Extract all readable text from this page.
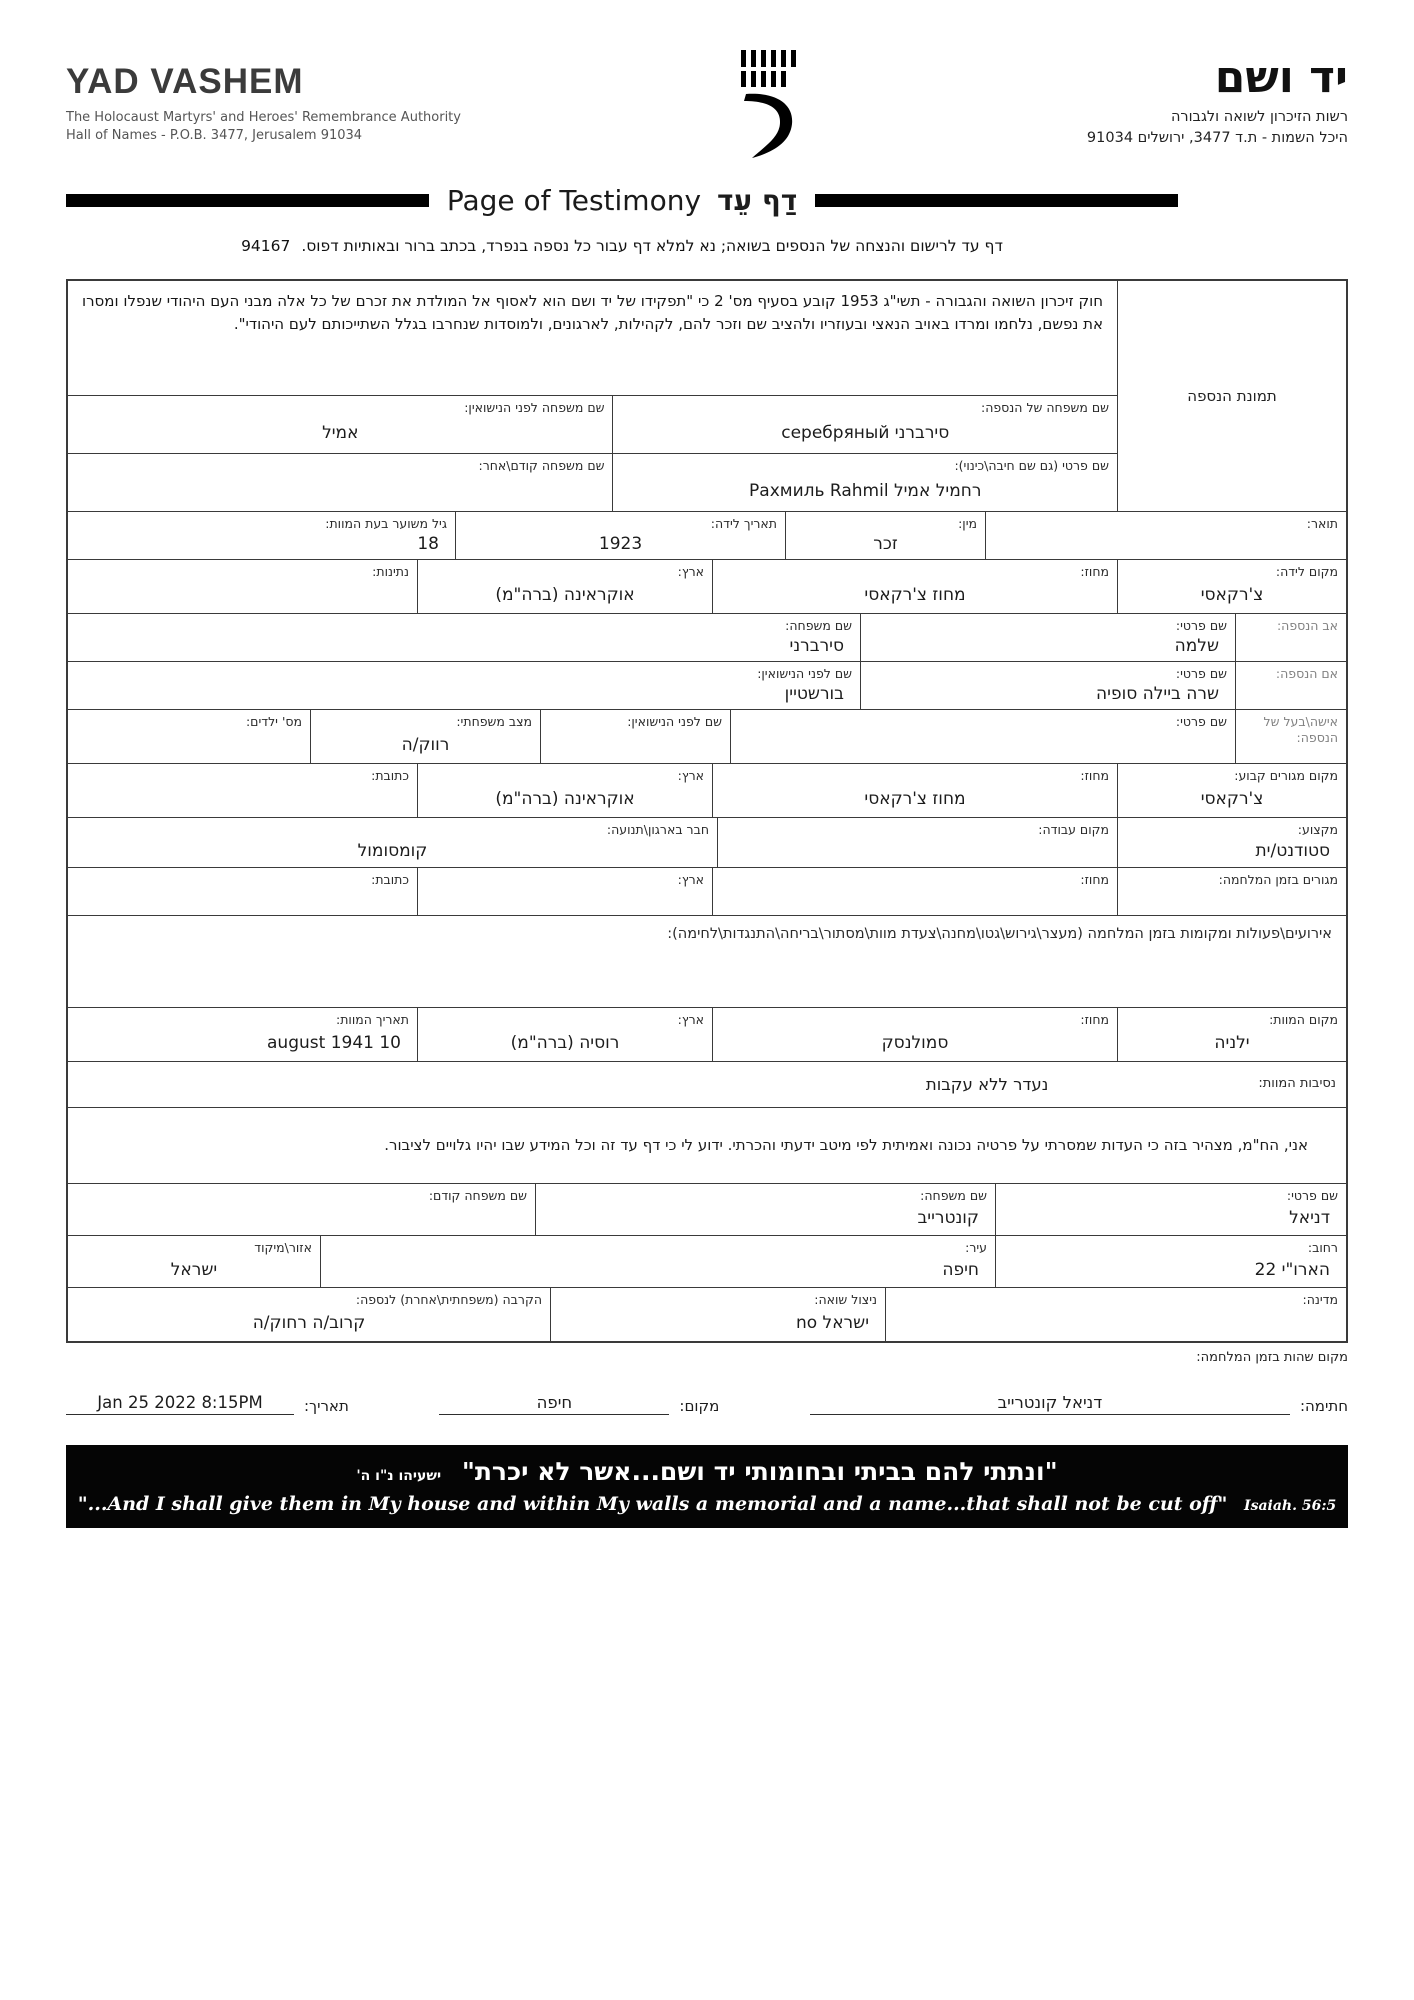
YAD VASHEM
The Holocaust Martyrs' and Heroes' Remembrance Authority
Hall of Names - P.O.B. 3477, Jerusalem 91034
יד ושם
רשות הזיכרון לשואה ולגבורה
היכל השמות - ת.ד 3477, ירושלים 91034
Page of Testimony דַף עֵד
דף עד לרישום והנצחה של הנספים בשואה; נא למלא דף עבור כל נספה בנפרד, בכתב ברור ובאותיות דפוס. 94167
תמונת הנספה
חוק זיכרון השואה והגבורה - תשי"ג 1953 קובע בסעיף מס' 2 כי "תפקידו של יד ושם הוא לאסוף אל המולדת את זכרם של כל אלה מבני העם היהודי שנפלו ומסרו את נפשם, נלחמו ומרדו באויב הנאצי ובעוזריו ולהציב שם וזכר להם, לקהילות, לארגונים, ולמוסדות שנחרבו בגלל השתייכותם לעם היהודי".
שם משפחה של הנספה:
סירברני серебряный
שם משפחה לפני הנישואין:
אמיל
שם פרטי (גם שם חיבה\כינוי):
רחמיל אמיל Рахмиль Rahmil
שם משפחה קודם\אחר:
תואר:
מין:
זכר
תאריך לידה:
1923
גיל משוער בעת המוות:
18
מקום לידה:
צ'רקאסי
מחוז:
מחוז צ'רקאסי
ארץ:
אוקראינה (ברה"מ)
נתינות:
אב הנספה:
שם פרטי:
שלמה
שם משפחה:
סירברני
אם הנספה:
שם פרטי:
שרה ביילה סופיה
שם לפני הנישואין:
בורשטיין
אישה\בעל של הנספה:
שם פרטי:
שם לפני הנישואין:
מצב משפחתי:
רווק/ה
מס' ילדים:
מקום מגורים קבוע:
צ'רקאסי
מחוז:
מחוז צ'רקאסי
ארץ:
אוקראינה (ברה"מ)
כתובת:
מקצוע:
סטודנט/ית
מקום עבודה:
חבר בארגון\תנועה:
קומסומול
מגורים בזמן המלחמה:
מחוז:
ארץ:
כתובת:
אירועים\פעולות ומקומות בזמן המלחמה (מעצר\גירוש\גטו\מחנה\צעדת מוות\מסתור\בריחה\התנגדות\לחימה):
מקום המוות:
ילניה
מחוז:
סמולנסק
ארץ:
רוסיה (ברה"מ)
תאריך המוות:
august 1941 10
נסיבות המוות:
נעדר ללא עקבות
אני, הח"מ, מצהיר בזה כי העדות שמסרתי על פרטיה נכונה ואמיתית לפי מיטב ידעתי והכרתי. ידוע לי כי דף עד זה וכל המידע שבו יהיו גלויים לציבור.
שם פרטי:
דניאל
שם משפחה:
קונטרייב
שם משפחה קודם:
רחוב:
הארו"י 22
עיר:
חיפה
אזור\מיקוד
ישראל
מדינה:
ניצול שואה:
ישראל no
הקרבה (משפחתית\אחרת) לנספה:
קרוב/ה רחוק/ה
מקום שהות בזמן המלחמה:
חתימה:
דניאל קונטרייב
מקום:
חיפה
תאריך:
Jan 25 2022 8:15PM
"ונתתי להם בביתי ובחומותי יד ושם...אשר לא יכרת" ישעיהו נ"ו ה'
"...And I shall give them in My house and within My walls a memorial and a name...that shall not be cut off" Isaiah. 56:5
